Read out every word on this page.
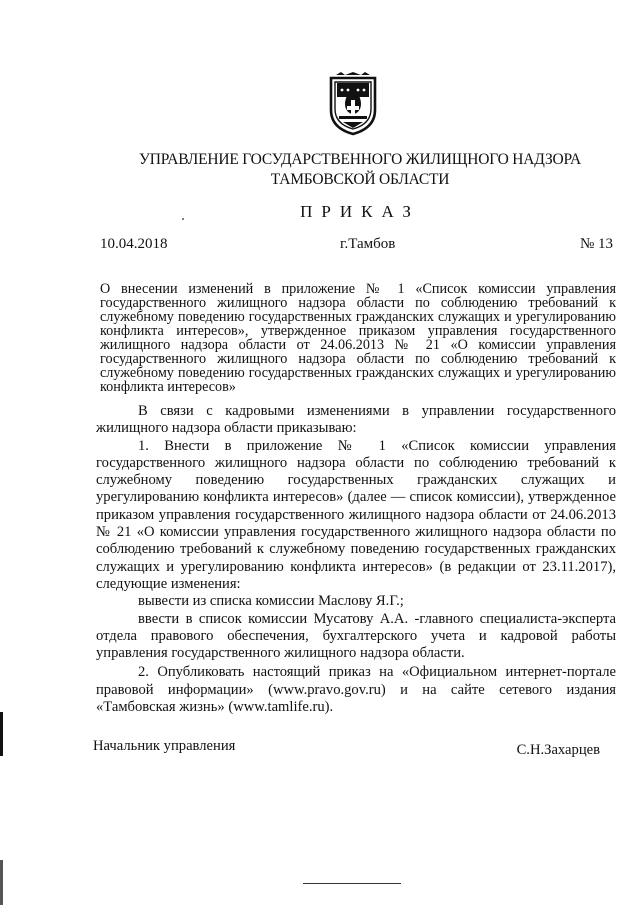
УПРАВЛЕНИЕ ГОСУДАРСТВЕННОГО ЖИЛИЩНОГО НАДЗОРА
ТАМБОВСКОЙ ОБЛАСТИ
ПРИКАЗ
10.04.2018	г.Тамбов	№ 13
О внесении изменений в приложение № 1 «Список комиссии управления государственного жилищного надзора области по соблюдению требований к служебному поведению государственных гражданских служащих и урегулированию конфликта интересов», утвержденное приказом управления государственного жилищного надзора области от 24.06.2013 № 21 «О комиссии управления государственного жилищного надзора области по соблюдению требований к служебному поведению государственных гражданских служащих и урегулированию конфликта интересов»

В связи с кадровыми изменениями в управлении государственного жилищного надзора области приказываю:

1. Внести в приложение № 1 «Список комиссии управления государственного жилищного надзора области по соблюдению требований к служебному поведению государственных гражданских служащих и урегулированию конфликта интересов» (далее — список комиссии), утвержденное приказом управления государственного жилищного надзора области от 24.06.2013 № 21 «О комиссии управления государственного жилищного надзора области по соблюдению требований к служебному поведению государственных гражданских служащих и урегулированию конфликта интересов» (в редакции от 23.11.2017), следующие изменения:

вывести из списка комиссии Маслову Я.Г.;

ввести в список комиссии Мусатову А.А. -главного специалиста-эксперта отдела правового обеспечения, бухгалтерского учета и кадровой работы управления государственного жилищного надзора области.

2. Опубликовать настоящий приказ на «Официальном интернет-портале правовой информации» (www.pravo.gov.ru) и на сайте сетевого издания «Тамбовская жизнь» (www.tamlife.ru).

Начальник управления	С.Н.Захарцев
